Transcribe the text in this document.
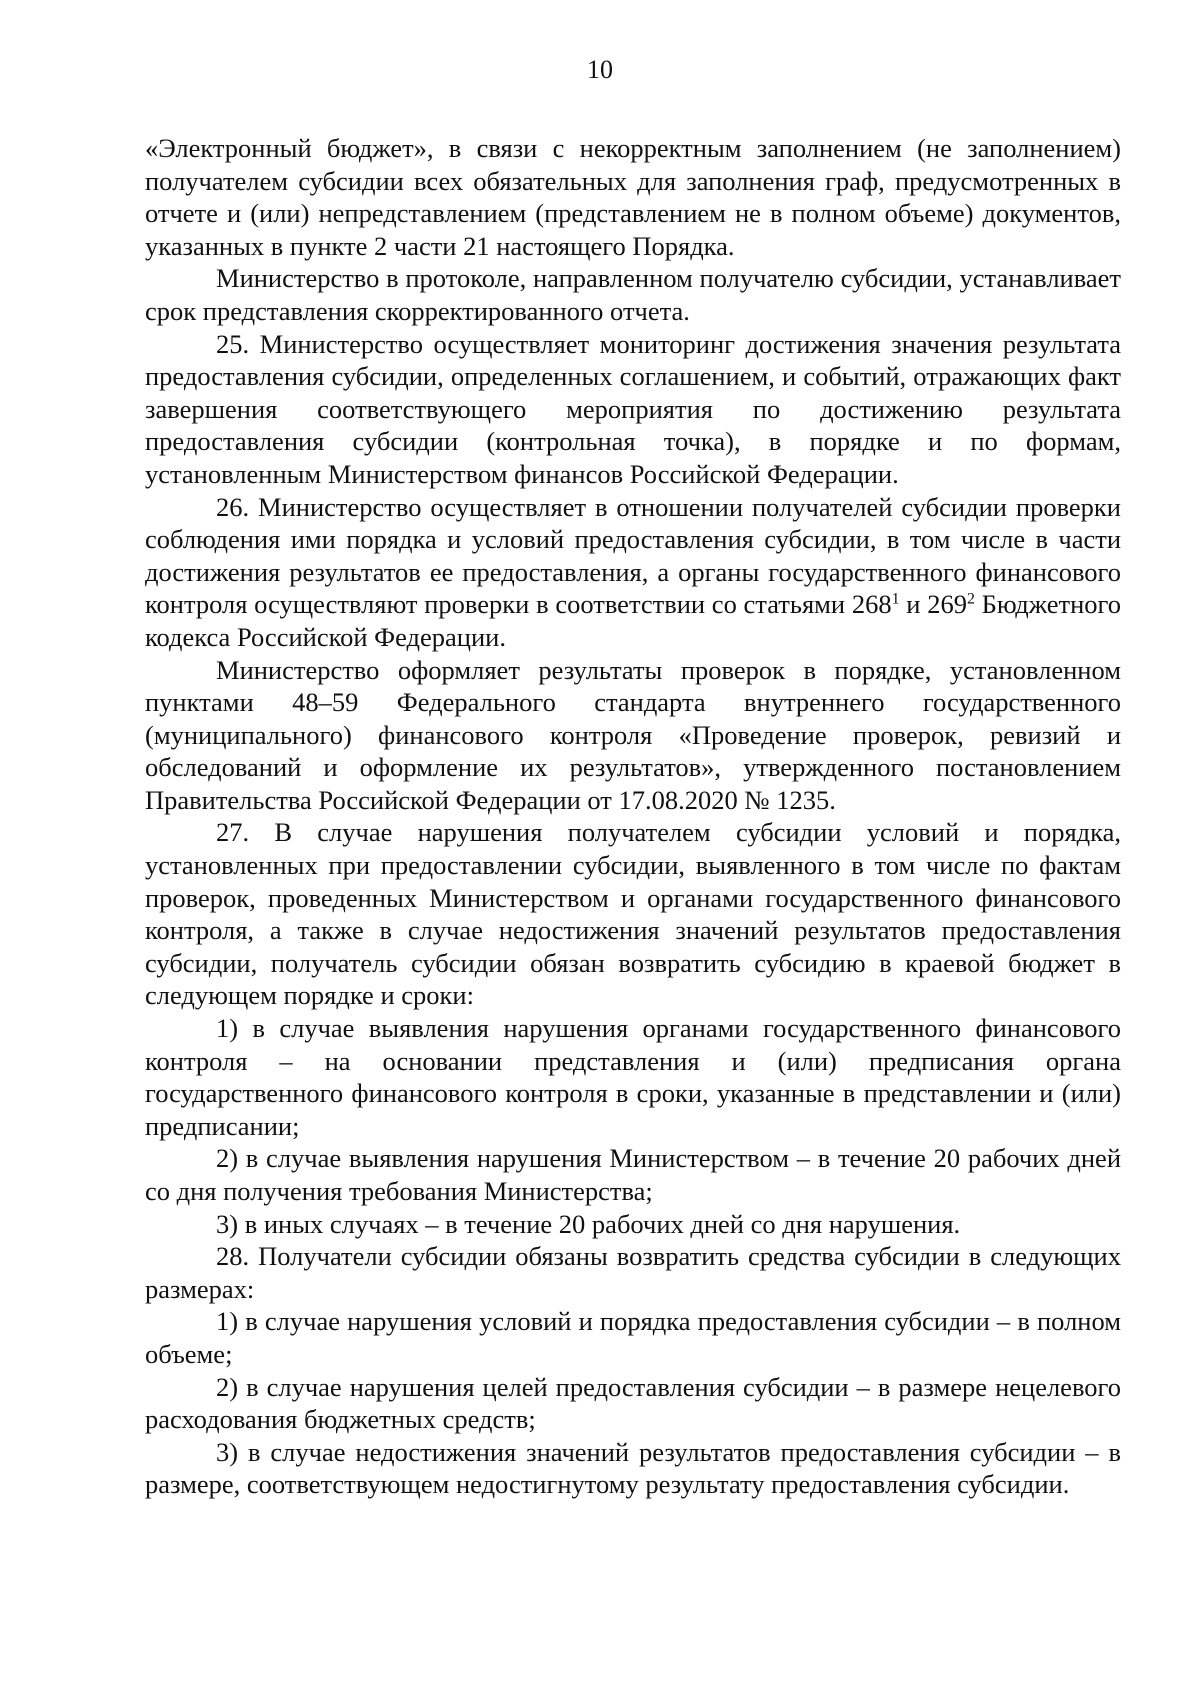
10

«Электронный бюджет», в связи с некорректным заполнением (не заполнением) получателем субсидии всех обязательных для заполнения граф, предусмотренных в отчете и (или) непредставлением (представлением не в полном объеме) документов, указанных в пункте 2 части 21 настоящего Порядка.

Министерство в протоколе, направленном получателю субсидии, устанавливает срок представления скорректированного отчета.

25. Министерство осуществляет мониторинг достижения значения результата предоставления субсидии, определенных соглашением, и событий, отражающих факт завершения соответствующего мероприятия по достижению результата предоставления субсидии (контрольная точка), в порядке и по формам, установленным Министерством финансов Российской Федерации.

26. Министерство осуществляет в отношении получателей субсидии проверки соблюдения ими порядка и условий предоставления субсидии, в том числе в части достижения результатов ее предоставления, а органы государственного финансового контроля осуществляют проверки в соответствии со статьями $268^1$ и $269^2$ Бюджетного кодекса Российской Федерации.

Министерство оформляет результаты проверок в порядке, установленном пунктами 48–59 Федерального стандарта внутреннего государственного (муниципального) финансового контроля «Проведение проверок, ревизий и обследований и оформление их результатов», утвержденного постановлением Правительства Российской Федерации от 17.08.2020 № 1235.

27. В случае нарушения получателем субсидии условий и порядка, установленных при предоставлении субсидии, выявленного в том числе по фактам проверок, проведенных Министерством и органами государственного финансового контроля, а также в случае недостижения значений результатов предоставления субсидии, получатель субсидии обязан возвратить субсидию в краевой бюджет в следующем порядке и сроки:

1) в случае выявления нарушения органами государственного финансового контроля – на основании представления и (или) предписания органа государственного финансового контроля в сроки, указанные в представлении и (или) предписании;

2) в случае выявления нарушения Министерством – в течение 20 рабочих дней со дня получения требования Министерства;

3) в иных случаях – в течение 20 рабочих дней со дня нарушения.

28. Получатели субсидии обязаны возвратить средства субсидии в следующих размерах:

1) в случае нарушения условий и порядка предоставления субсидии – в полном объеме;

2) в случае нарушения целей предоставления субсидии – в размере нецелевого расходования бюджетных средств;

3) в случае недостижения значений результатов предоставления субсидии – в размере, соответствующем недостигнутому результату предоставления субсидии.
